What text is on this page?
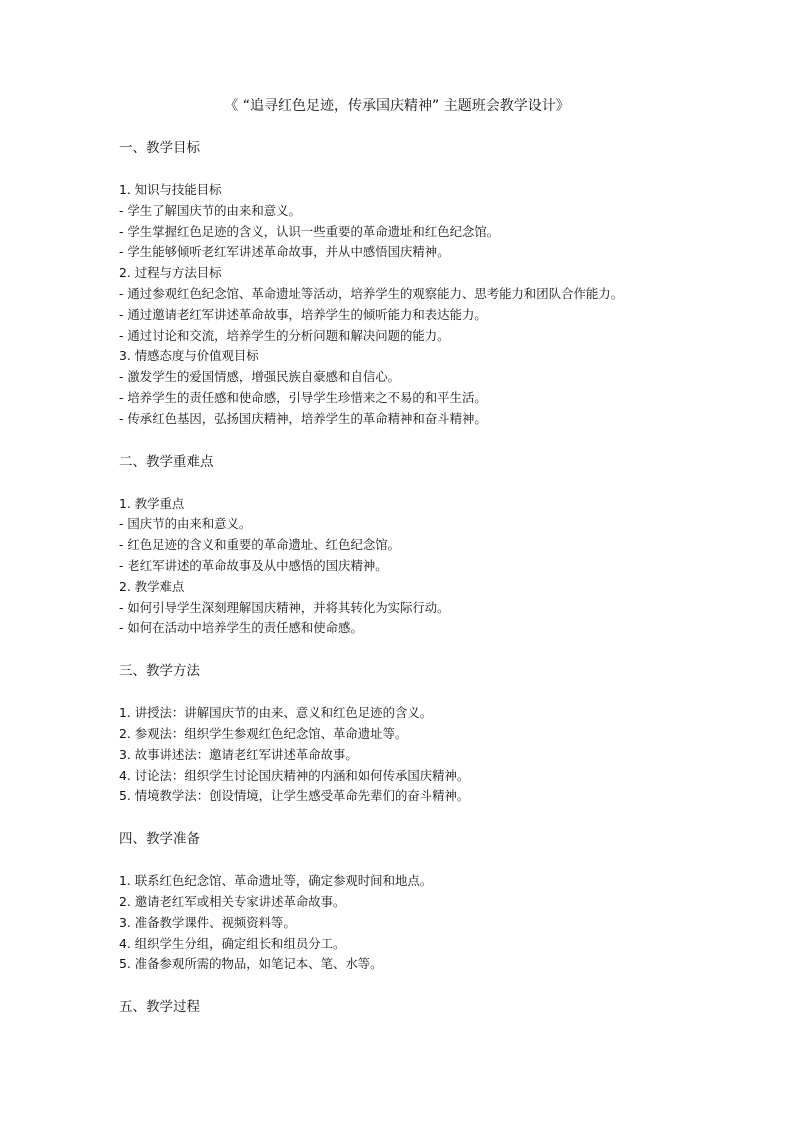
《 “追寻红色足迹，传承国庆精神” 主题班会教学设计》
一、教学目标
1. 知识与技能目标
- 学生了解国庆节的由来和意义。
- 学生掌握红色足迹的含义，认识一些重要的革命遗址和红色纪念馆。
- 学生能够倾听老红军讲述革命故事，并从中感悟国庆精神。
2. 过程与方法目标
- 通过参观红色纪念馆、革命遗址等活动，培养学生的观察能力、思考能力和团队合作能力。
- 通过邀请老红军讲述革命故事，培养学生的倾听能力和表达能力。
- 通过讨论和交流，培养学生的分析问题和解决问题的能力。
3. 情感态度与价值观目标
- 激发学生的爱国情感，增强民族自豪感和自信心。
- 培养学生的责任感和使命感，引导学生珍惜来之不易的和平生活。
- 传承红色基因，弘扬国庆精神，培养学生的革命精神和奋斗精神。
二、教学重难点
1. 教学重点
- 国庆节的由来和意义。
- 红色足迹的含义和重要的革命遗址、红色纪念馆。
- 老红军讲述的革命故事及从中感悟的国庆精神。
2. 教学难点
- 如何引导学生深刻理解国庆精神，并将其转化为实际行动。
- 如何在活动中培养学生的责任感和使命感。
三、教学方法
1. 讲授法：讲解国庆节的由来、意义和红色足迹的含义。
2. 参观法：组织学生参观红色纪念馆、革命遗址等。
3. 故事讲述法：邀请老红军讲述革命故事。
4. 讨论法：组织学生讨论国庆精神的内涵和如何传承国庆精神。
5. 情境教学法：创设情境，让学生感受革命先辈们的奋斗精神。
四、教学准备
1. 联系红色纪念馆、革命遗址等，确定参观时间和地点。
2. 邀请老红军或相关专家讲述革命故事。
3. 准备教学课件、视频资料等。
4. 组织学生分组，确定组长和组员分工。
5. 准备参观所需的物品，如笔记本、笔、水等。
五、教学过程
